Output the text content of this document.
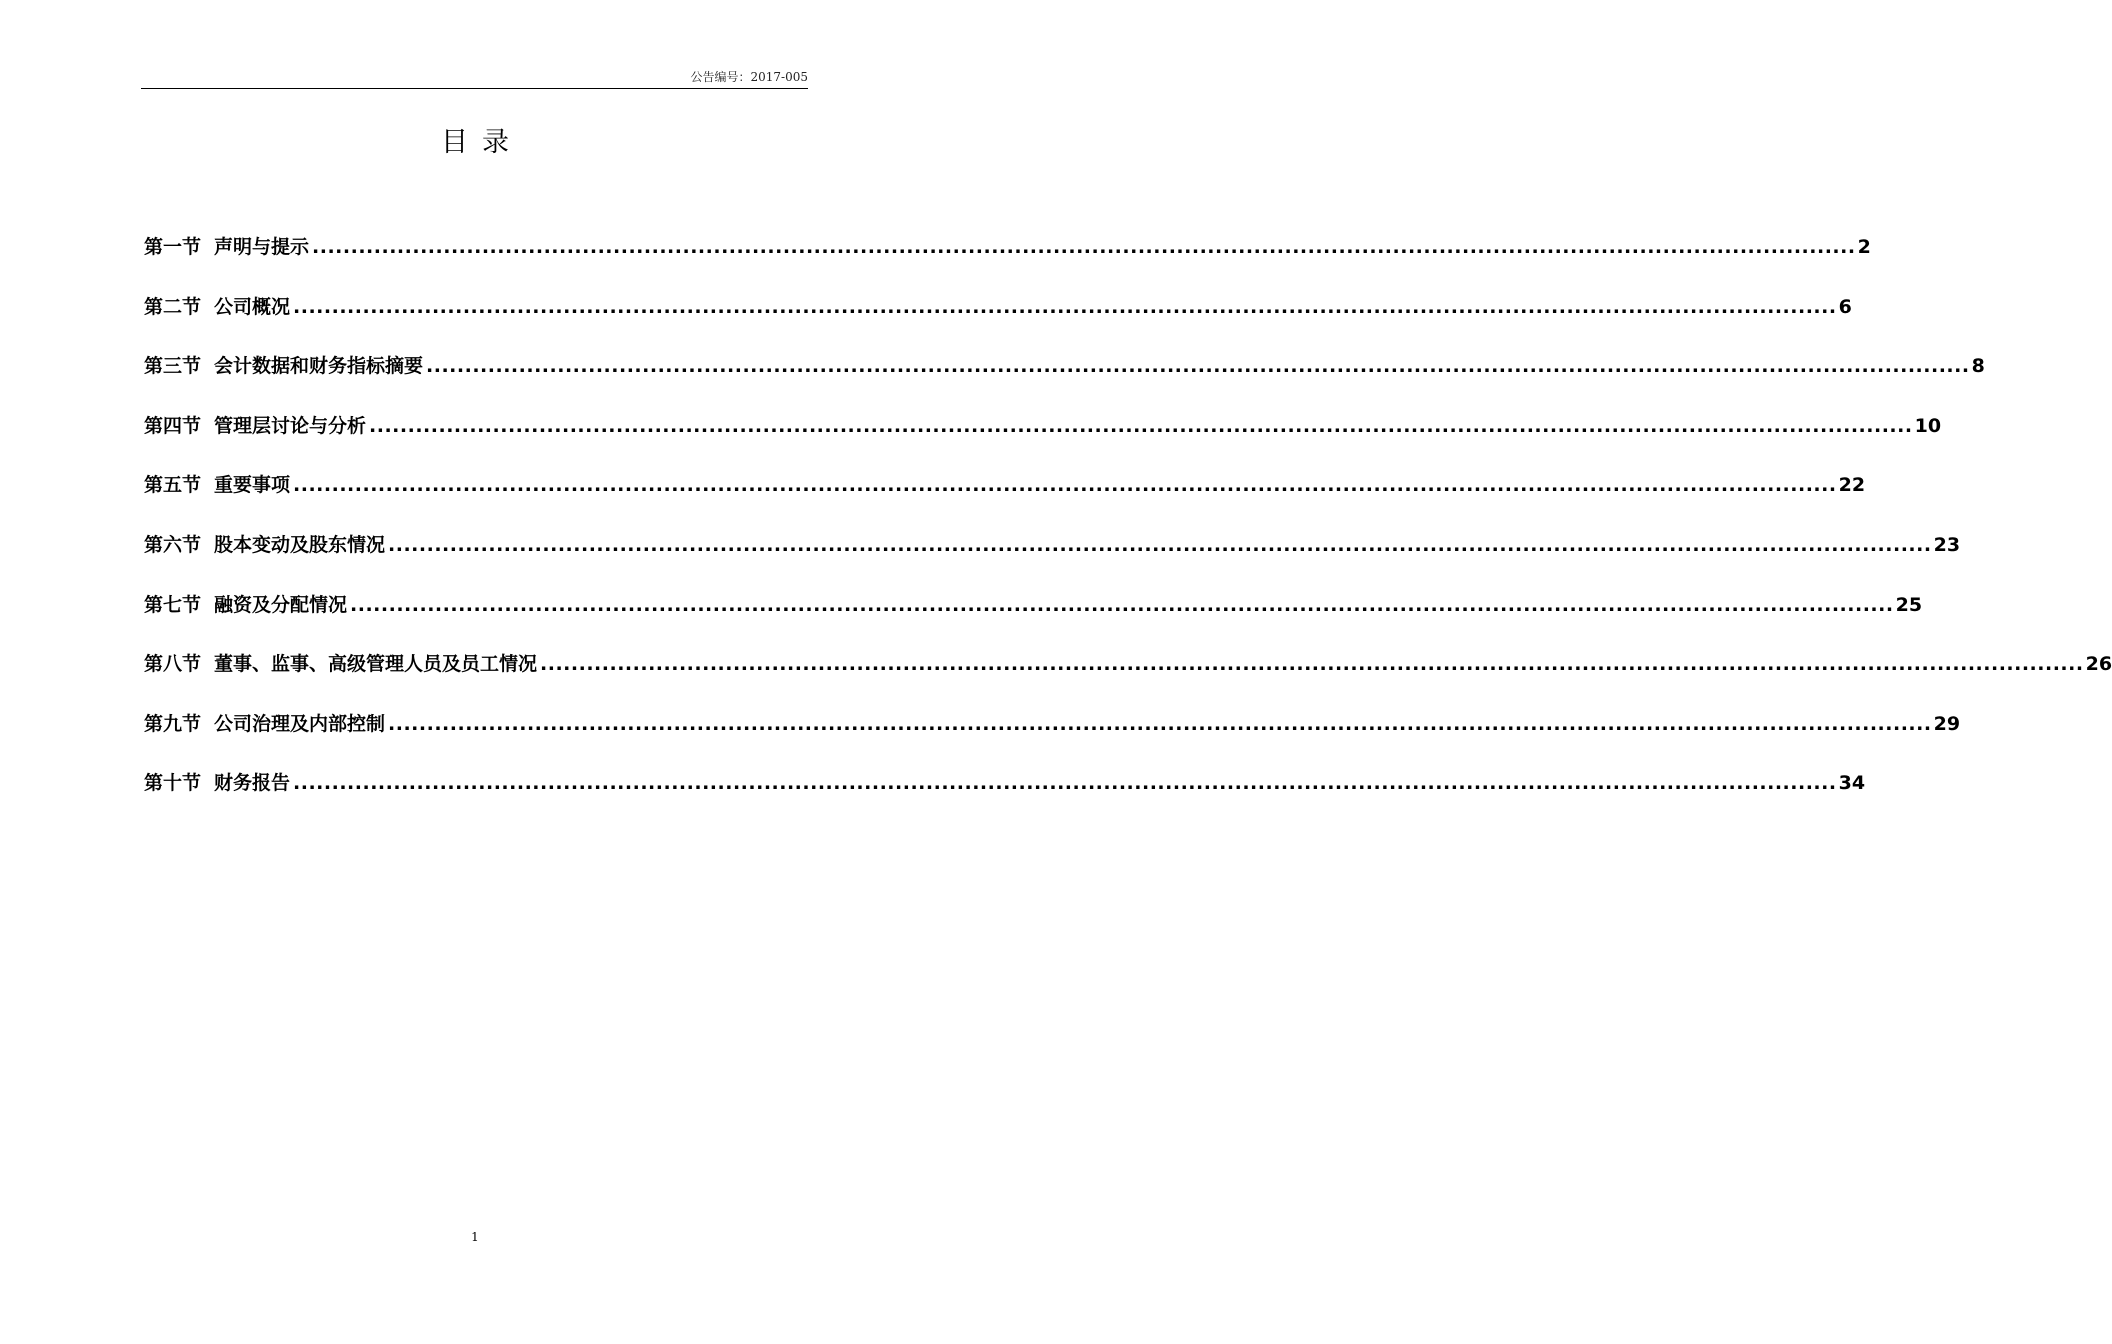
公告编号：2017-005
目录
第一节 声明与提示 ........................................................................................................................................................................................................ 2
第二节 公司概况 ........................................................................................................................................................................................................ 6
第三节 会计数据和财务指标摘要 ........................................................................................................................................................................................................ 8
第四节 管理层讨论与分析 ........................................................................................................................................................................................................ 10
第五节 重要事项 ........................................................................................................................................................................................................ 22
第六节 股本变动及股东情况 ........................................................................................................................................................................................................ 23
第七节 融资及分配情况 ........................................................................................................................................................................................................ 25
第八节 董事、监事、高级管理人员及员工情况 ........................................................................................................................................................................................................ 26
第九节 公司治理及内部控制 ........................................................................................................................................................................................................ 29
第十节 财务报告 ........................................................................................................................................................................................................ 34
1
